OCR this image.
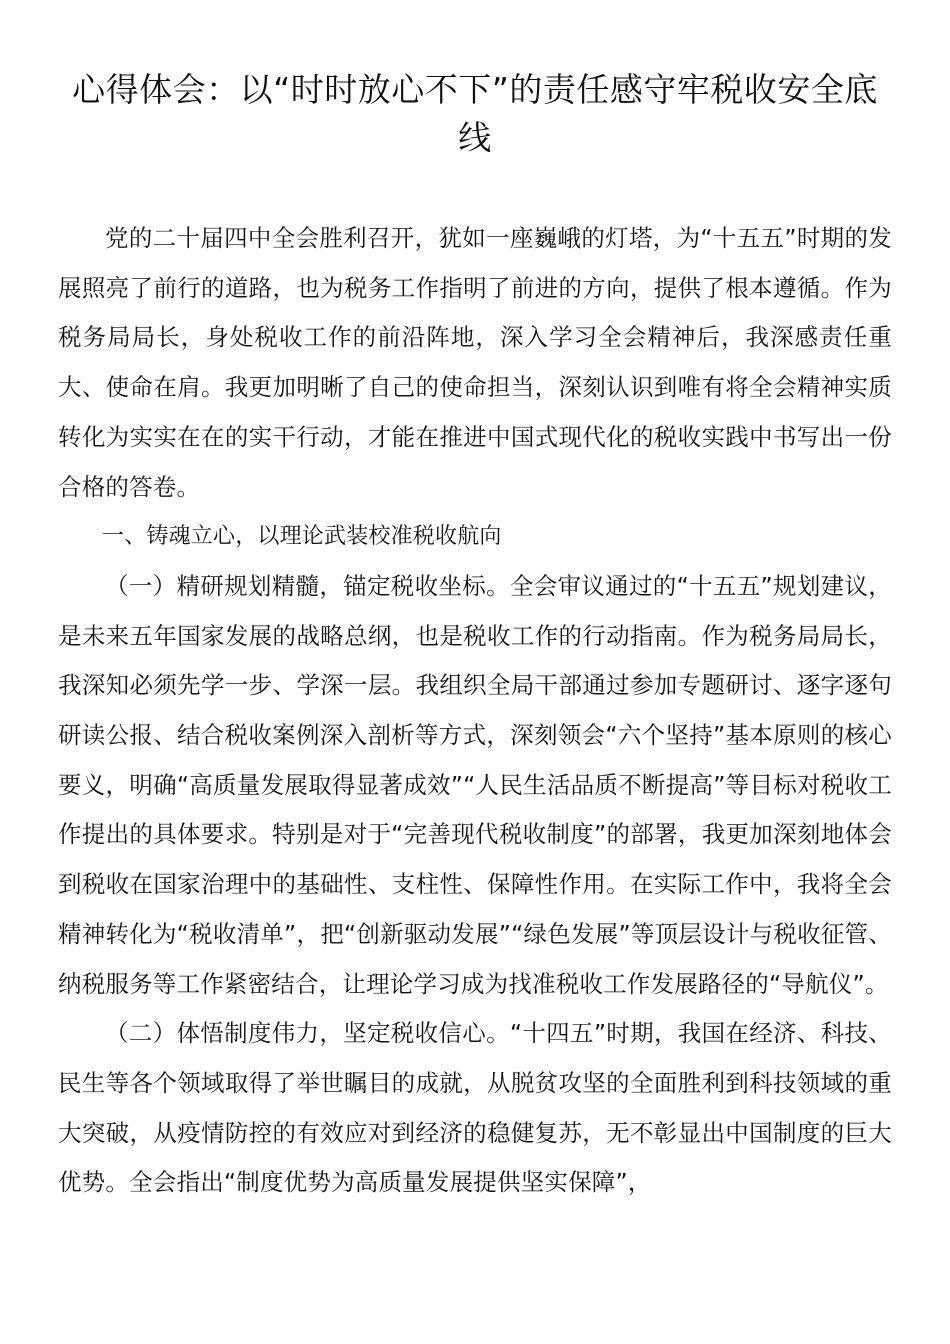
心得体会：以“时时放心不下”的责任感守牢税收安全底线

党的二十届四中全会胜利召开，犹如一座巍峨的灯塔，为“十五五”时期的发展照亮了前行的道路，也为税务工作指明了前进的方向，提供了根本遵循。作为税务局局长，身处税收工作的前沿阵地，深入学习全会精神后，我深感责任重大、使命在肩。我更加明晰了自己的使命担当，深刻认识到唯有将全会精神实质转化为实实在在的实干行动，才能在推进中国式现代化的税收实践中书写出一份合格的答卷。

一、铸魂立心，以理论武装校准税收航向

（一）精研规划精髓，锚定税收坐标。全会审议通过的“十五五”规划建议，是未来五年国家发展的战略总纲，也是税收工作的行动指南。作为税务局局长，我深知必须先学一步、学深一层。我组织全局干部通过参加专题研讨、逐字逐句研读公报、结合税收案例深入剖析等方式，深刻领会“六个坚持”基本原则的核心要义，明确“高质量发展取得显著成效”“人民生活品质不断提高”等目标对税收工作提出的具体要求。特别是对于“完善现代税收制度”的部署，我更加深刻地体会到税收在国家治理中的基础性、支柱性、保障性作用。在实际工作中，我将全会精神转化为“税收清单”，把“创新驱动发展”“绿色发展”等顶层设计与税收征管、纳税服务等工作紧密结合，让理论学习成为找准税收工作发展路径的“导航仪”。

（二）体悟制度伟力，坚定税收信心。“十四五”时期，我国在经济、科技、民生等各个领域取得了举世瞩目的成就，从脱贫攻坚的全面胜利到科技领域的重大突破，从疫情防控的有效应对到经济的稳健复苏，无不彰显出中国制度的巨大优势。全会指出“制度优势为高质量发展提供坚实保障”，
